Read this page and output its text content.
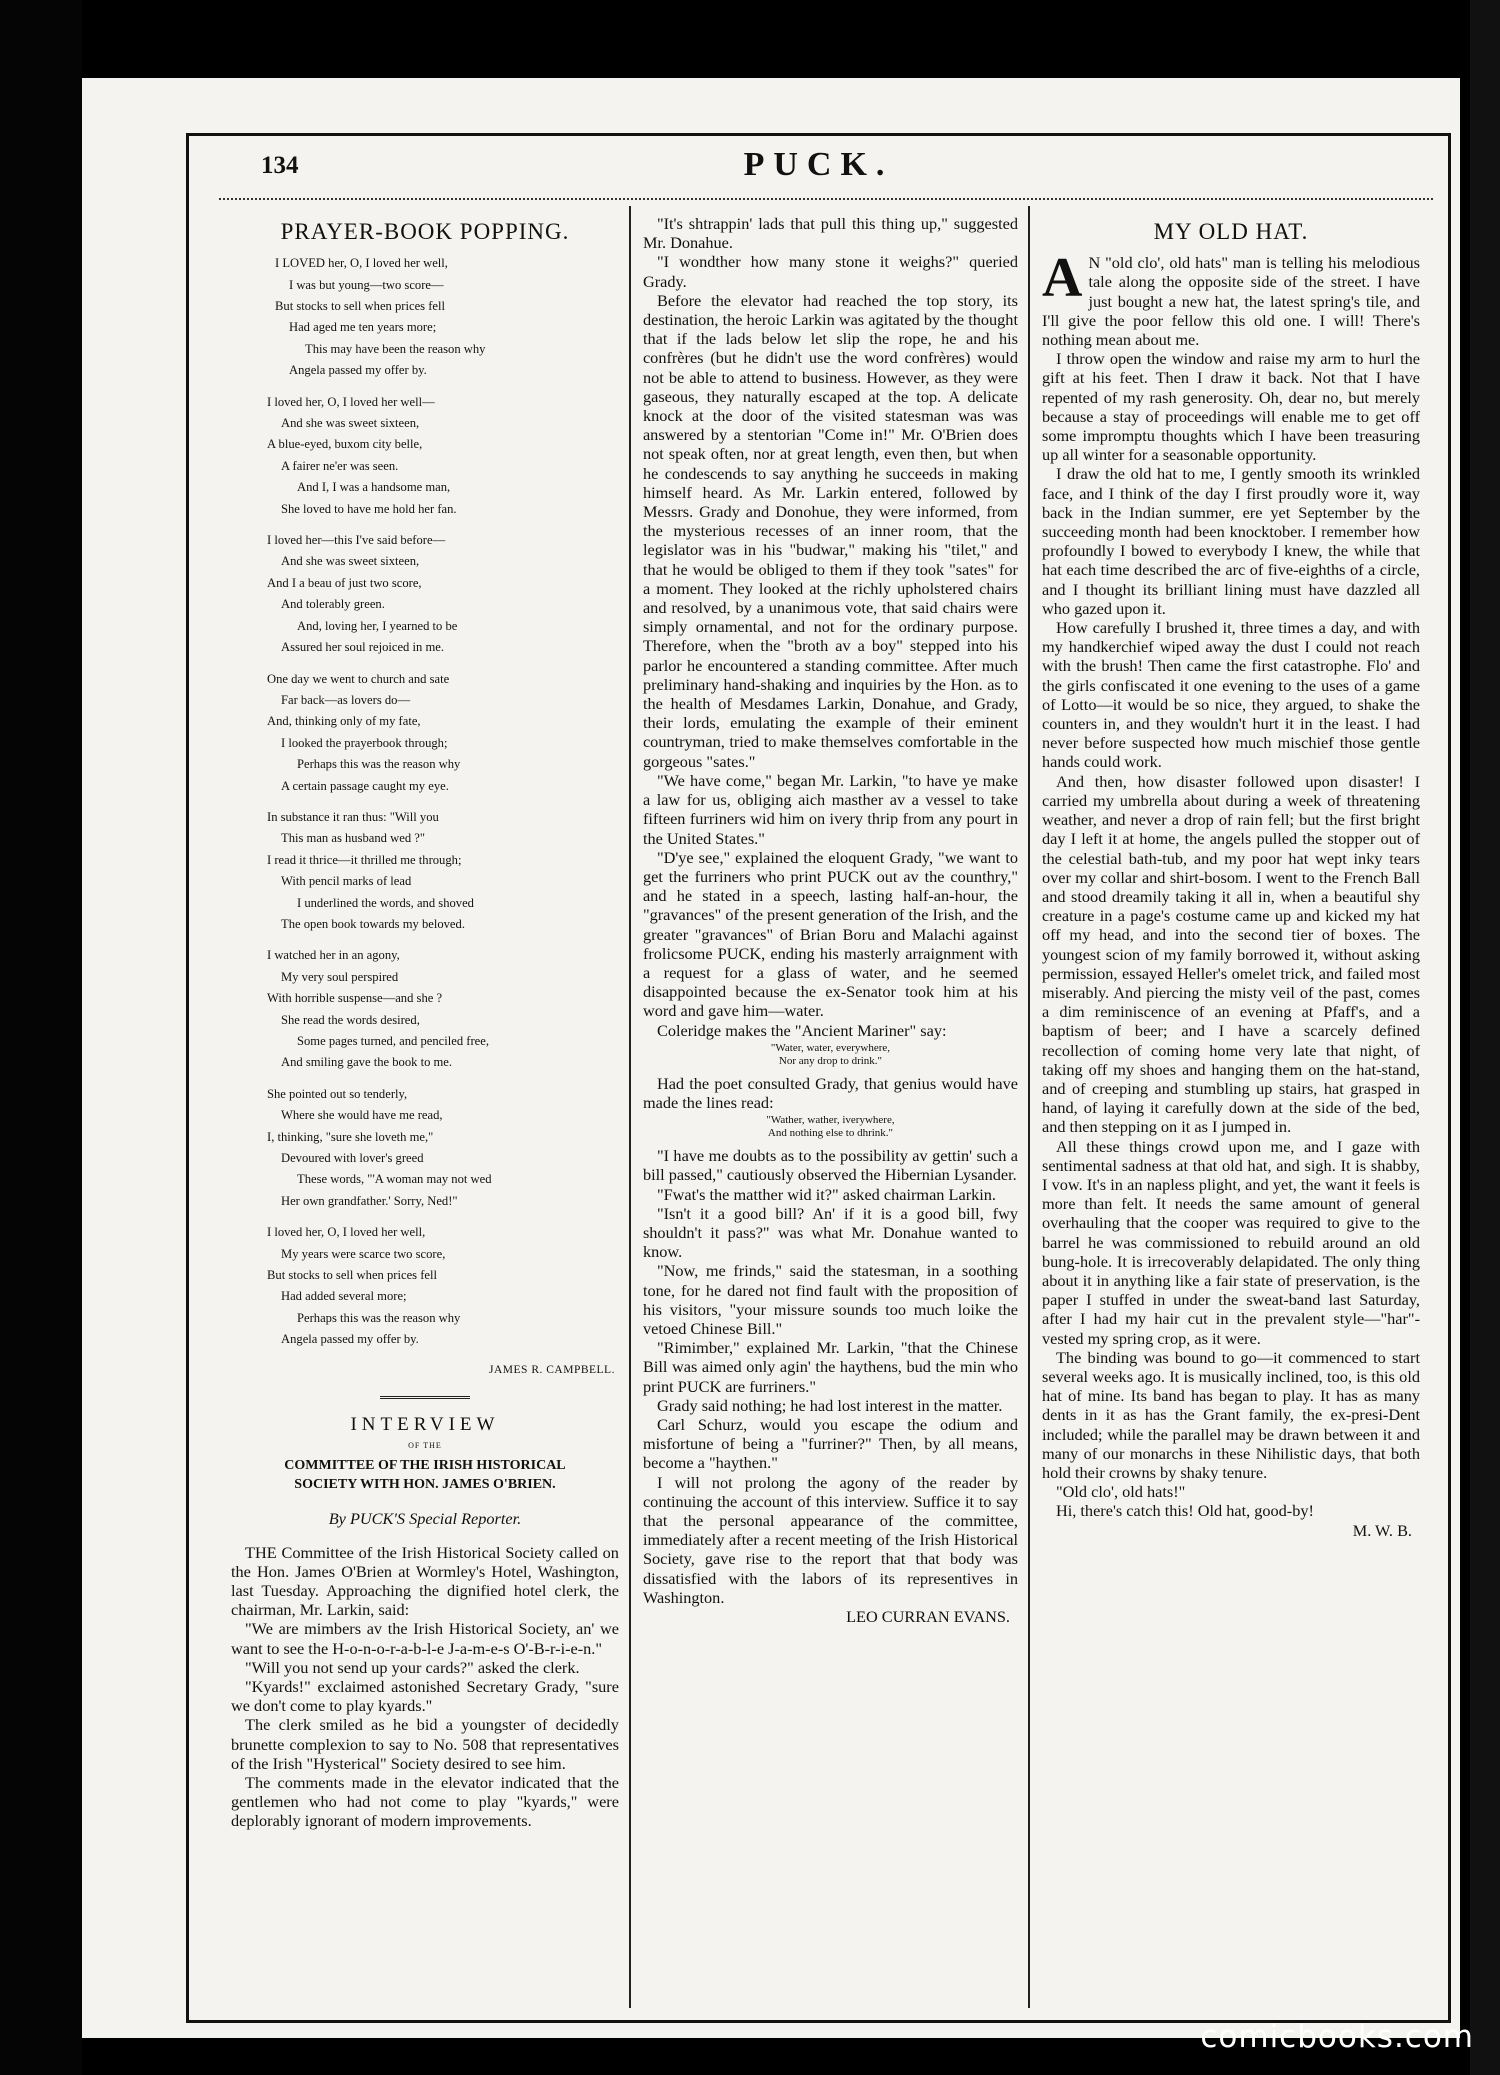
134	PUCK.
PRAYER-BOOK POPPING.
I LOVED her, O, I loved her well,
I was but young—two score—
But stocks to sell when prices fell
Had aged me ten years more;
This may have been the reason why
Angela passed my offer by.
I loved her, O, I loved her well—
And she was sweet sixteen,
A blue-eyed, buxom city belle,
A fairer ne'er was seen.
And I, I was a handsome man,
She loved to have me hold her fan.
I loved her—this I've said before—
And she was sweet sixteen,
And I a beau of just two score,
And tolerably green.
And, loving her, I yearned to be
Assured her soul rejoiced in me.
One day we went to church and sate
Far back—as lovers do—
And, thinking only of my fate,
I looked the prayerbook through;
Perhaps this was the reason why
A certain passage caught my eye.
In substance it ran thus: "Will you
This man as husband wed ?"
I read it thrice—it thrilled me through;
With pencil marks of lead
I underlined the words, and shoved
The open book towards my beloved.
I watched her in an agony,
My very soul perspired
With horrible suspense—and she ?
She read the words desired,
Some pages turned, and penciled free,
And smiling gave the book to me.
She pointed out so tenderly,
Where she would have me read,
I, thinking, "sure she loveth me,"
Devoured with lover's greed
These words, "'A woman may not wed
Her own grandfather.' Sorry, Ned!"
I loved her, O, I loved her well,
My years were scarce two score,
But stocks to sell when prices fell
Had added several more;
Perhaps this was the reason why
Angela passed my offer by.
JAMES R. CAMPBELL.
INTERVIEW
OF THE
COMMITTEE OF THE IRISH HISTORICAL
SOCIETY WITH HON. JAMES O'BRIEN.
By PUCK'S Special Reporter.

THE Committee of the Irish Historical Society called on the Hon. James O'Brien at Wormley's Hotel, Washington, last Tuesday. Approaching the dignified hotel clerk, the chairman, Mr. Larkin, said:

"We are mimbers av the Irish Historical Society, an' we want to see the H-o-n-o-r-a-b-l-e J-a-m-e-s O'-B-r-i-e-n."

"Will you not send up your cards?" asked the clerk.

"Kyards!" exclaimed astonished Secretary Grady, "sure we don't come to play kyards."

The clerk smiled as he bid a youngster of decidedly brunette complexion to say to No. 508 that representatives of the Irish "Hysterical" Society desired to see him.

The comments made in the elevator indicated that the gentlemen who had not come to play "kyards," were deplorably ignorant of modern improvements.

"It's shtrappin' lads that pull this thing up," suggested Mr. Donahue.

"I wondther how many stone it weighs?" queried Grady.

Before the elevator had reached the top story, its destination, the heroic Larkin was agitated by the thought that if the lads below let slip the rope, he and his confrères (but he didn't use the word confrères) would not be able to attend to business. However, as they were gaseous, they naturally escaped at the top. A delicate knock at the door of the visited statesman was was answered by a stentorian "Come in!" Mr. O'Brien does not speak often, nor at great length, even then, but when he condescends to say anything he succeeds in making himself heard. As Mr. Larkin entered, followed by Messrs. Grady and Donohue, they were informed, from the mysterious recesses of an inner room, that the legislator was in his "budwar," making his "tilet," and that he would be obliged to them if they took "sates" for a moment. They looked at the richly upholstered chairs and resolved, by a unanimous vote, that said chairs were simply ornamental, and not for the ordinary purpose. Therefore, when the "broth av a boy" stepped into his parlor he encountered a standing committee. After much preliminary hand-shaking and inquiries by the Hon. as to the health of Mesdames Larkin, Donahue, and Grady, their lords, emulating the example of their eminent countryman, tried to make themselves comfortable in the gorgeous "sates."

"We have come," began Mr. Larkin, "to have ye make a law for us, obliging aich masther av a vessel to take fifteen furriners wid him on ivery thrip from any pourt in the United States."

"D'ye see," explained the eloquent Grady, "we want to get the furriners who print PUCK out av the counthry," and he stated in a speech, lasting half-an-hour, the "gravances" of the present generation of the Irish, and the greater "gravances" of Brian Boru and Malachi against frolicsome PUCK, ending his masterly arraignment with a request for a glass of water, and he seemed disappointed because the ex-Senator took him at his word and gave him—water.

Coleridge makes the "Ancient Mariner" say:

"Water, water, everywhere,
Nor any drop to drink."

Had the poet consulted Grady, that genius would have made the lines read:

"Wather, wather, iverywhere,
And nothing else to dhrink."

"I have me doubts as to the possibility av gettin' such a bill passed," cautiously observed the Hibernian Lysander.

"Fwat's the matther wid it?" asked chairman Larkin.

"Isn't it a good bill? An' if it is a good bill, fwy shouldn't it pass?" was what Mr. Donahue wanted to know.

"Now, me frinds," said the statesman, in a soothing tone, for he dared not find fault with the proposition of his visitors, "your missure sounds too much loike the vetoed Chinese Bill."

"Rimimber," explained Mr. Larkin, "that the Chinese Bill was aimed only agin' the haythens, bud the min who print PUCK are furriners."

Grady said nothing; he had lost interest in the matter.

Carl Schurz, would you escape the odium and misfortune of being a "furriner?" Then, by all means, become a "haythen."

I will not prolong the agony of the reader by continuing the account of this interview. Suffice it to say that the personal appearance of the committee, immediately after a recent meeting of the Irish Historical Society, gave rise to the report that that body was dissatisfied with the labors of its representives in Washington.

LEO CURRAN EVANS.
MY OLD HAT.
A N "old clo', old hats" man is telling his melodious tale along the opposite side of the street. I have just bought a new hat, the latest spring's tile, and I'll give the poor fellow this old one. I will! There's nothing mean about me.

I throw open the window and raise my arm to hurl the gift at his feet. Then I draw it back. Not that I have repented of my rash generosity. Oh, dear no, but merely because a stay of proceedings will enable me to get off some impromptu thoughts which I have been treasuring up all winter for a seasonable opportunity.

I draw the old hat to me, I gently smooth its wrinkled face, and I think of the day I first proudly wore it, way back in the Indian summer, ere yet September by the succeeding month had been knocktober. I remember how profoundly I bowed to everybody I knew, the while that hat each time described the arc of five-eighths of a circle, and I thought its brilliant lining must have dazzled all who gazed upon it.

How carefully I brushed it, three times a day, and with my handkerchief wiped away the dust I could not reach with the brush! Then came the first catastrophe. Flo' and the girls confiscated it one evening to the uses of a game of Lotto—it would be so nice, they argued, to shake the counters in, and they wouldn't hurt it in the least. I had never before suspected how much mischief those gentle hands could work.

And then, how disaster followed upon disaster! I carried my umbrella about during a week of threatening weather, and never a drop of rain fell; but the first bright day I left it at home, the angels pulled the stopper out of the celestial bath-tub, and my poor hat wept inky tears over my collar and shirt-bosom. I went to the French Ball and stood dreamily taking it all in, when a beautiful shy creature in a page's costume came up and kicked my hat off my head, and into the second tier of boxes. The youngest scion of my family borrowed it, without asking permission, essayed Heller's omelet trick, and failed most miserably. And piercing the misty veil of the past, comes a dim reminiscence of an evening at Pfaff's, and a baptism of beer; and I have a scarcely defined recollection of coming home very late that night, of taking off my shoes and hanging them on the hat-stand, and of creeping and stumbling up stairs, hat grasped in hand, of laying it carefully down at the side of the bed, and then stepping on it as I jumped in.

All these things crowd upon me, and I gaze with sentimental sadness at that old hat, and sigh. It is shabby, I vow. It's in an napless plight, and yet, the want it feels is more than felt. It needs the same amount of general overhauling that the cooper was required to give to the barrel he was commissioned to rebuild around an old bung-hole. It is irrecoverably delapidated. The only thing about it in anything like a fair state of preservation, is the paper I stuffed in under the sweat-band last Saturday, after I had my hair cut in the prevalent style—"har"-vested my spring crop, as it were.

The binding was bound to go—it commenced to start several weeks ago. It is musically inclined, too, is this old hat of mine. Its band has began to play. It has as many dents in it as has the Grant family, the ex-presi-Dent included; while the parallel may be drawn between it and many of our monarchs in these Nihilistic days, that both hold their crowns by shaky tenure.

"Old clo', old hats!"

Hi, there's catch this! Old hat, good-by!

M. W. B.
comicbooks.com
